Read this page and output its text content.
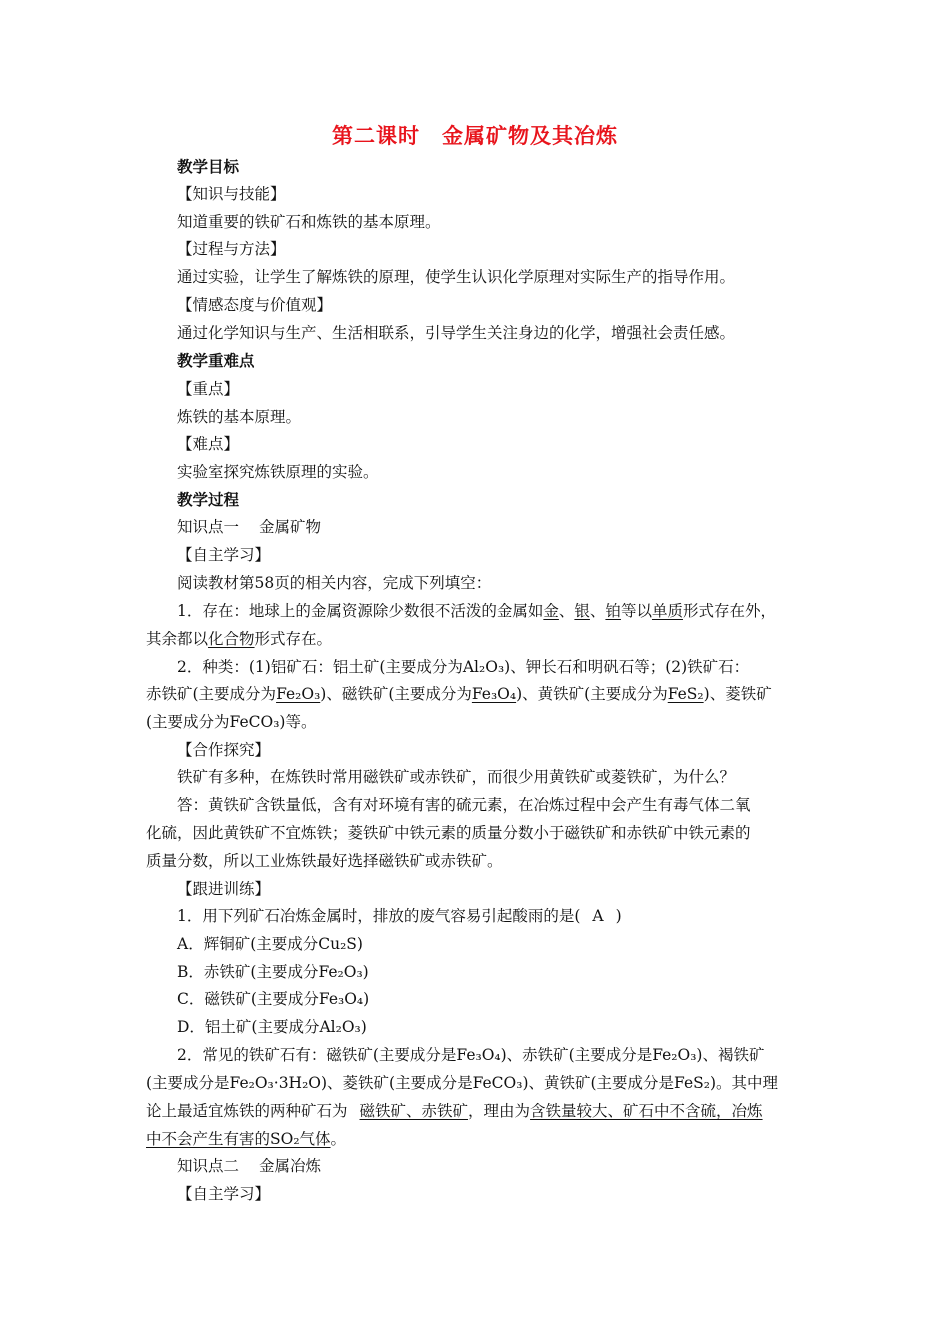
第二课时 金属矿物及其冶炼
教学目标
【知识与技能】
知道重要的铁矿石和炼铁的基本原理。
【过程与方法】
通过实验，让学生了解炼铁的原理，使学生认识化学原理对实际生产的指导作用。
【情感态度与价值观】
通过化学知识与生产、生活相联系，引导学生关注身边的化学，增强社会责任感。
教学重难点
【重点】
炼铁的基本原理。
【难点】
实验室探究炼铁原理的实验。
教学过程
知识点一 金属矿物
【自主学习】
阅读教材第58页的相关内容，完成下列填空：
1．存在：地球上的金属资源除少数很不活泼的金属如金、银、铂等以单质形式存在外，
其余都以化合物形式存在。
2．种类：(1)铝矿石：铝土矿(主要成分为Al₂O₃)、钾长石和明矾石等；(2)铁矿石：
赤铁矿(主要成分为Fe₂O₃)、磁铁矿(主要成分为Fe₃O₄)、黄铁矿(主要成分为FeS₂)、菱铁矿
(主要成分为FeCO₃)等。
【合作探究】
铁矿有多种，在炼铁时常用磁铁矿或赤铁矿，而很少用黄铁矿或菱铁矿，为什么？
答：黄铁矿含铁量低，含有对环境有害的硫元素，在冶炼过程中会产生有毒气体二氧
化硫，因此黄铁矿不宜炼铁；菱铁矿中铁元素的质量分数小于磁铁矿和赤铁矿中铁元素的
质量分数，所以工业炼铁最好选择磁铁矿或赤铁矿。
【跟进训练】
1．用下列矿石冶炼金属时，排放的废气容易引起酸雨的是( A )
A．辉铜矿(主要成分Cu₂S)
B．赤铁矿(主要成分Fe₂O₃)
C．磁铁矿(主要成分Fe₃O₄)
D．铝土矿(主要成分Al₂O₃)
2．常见的铁矿石有：磁铁矿(主要成分是Fe₃O₄)、赤铁矿(主要成分是Fe₂O₃)、褐铁矿
(主要成分是Fe₂O₃·3H₂O)、菱铁矿(主要成分是FeCO₃)、黄铁矿(主要成分是FeS₂)。其中理
论上最适宜炼铁的两种矿石为 磁铁矿、赤铁矿，理由为含铁量较大、矿石中不含硫，冶炼
中不会产生有害的SO₂气体。
知识点二 金属冶炼
【自主学习】
